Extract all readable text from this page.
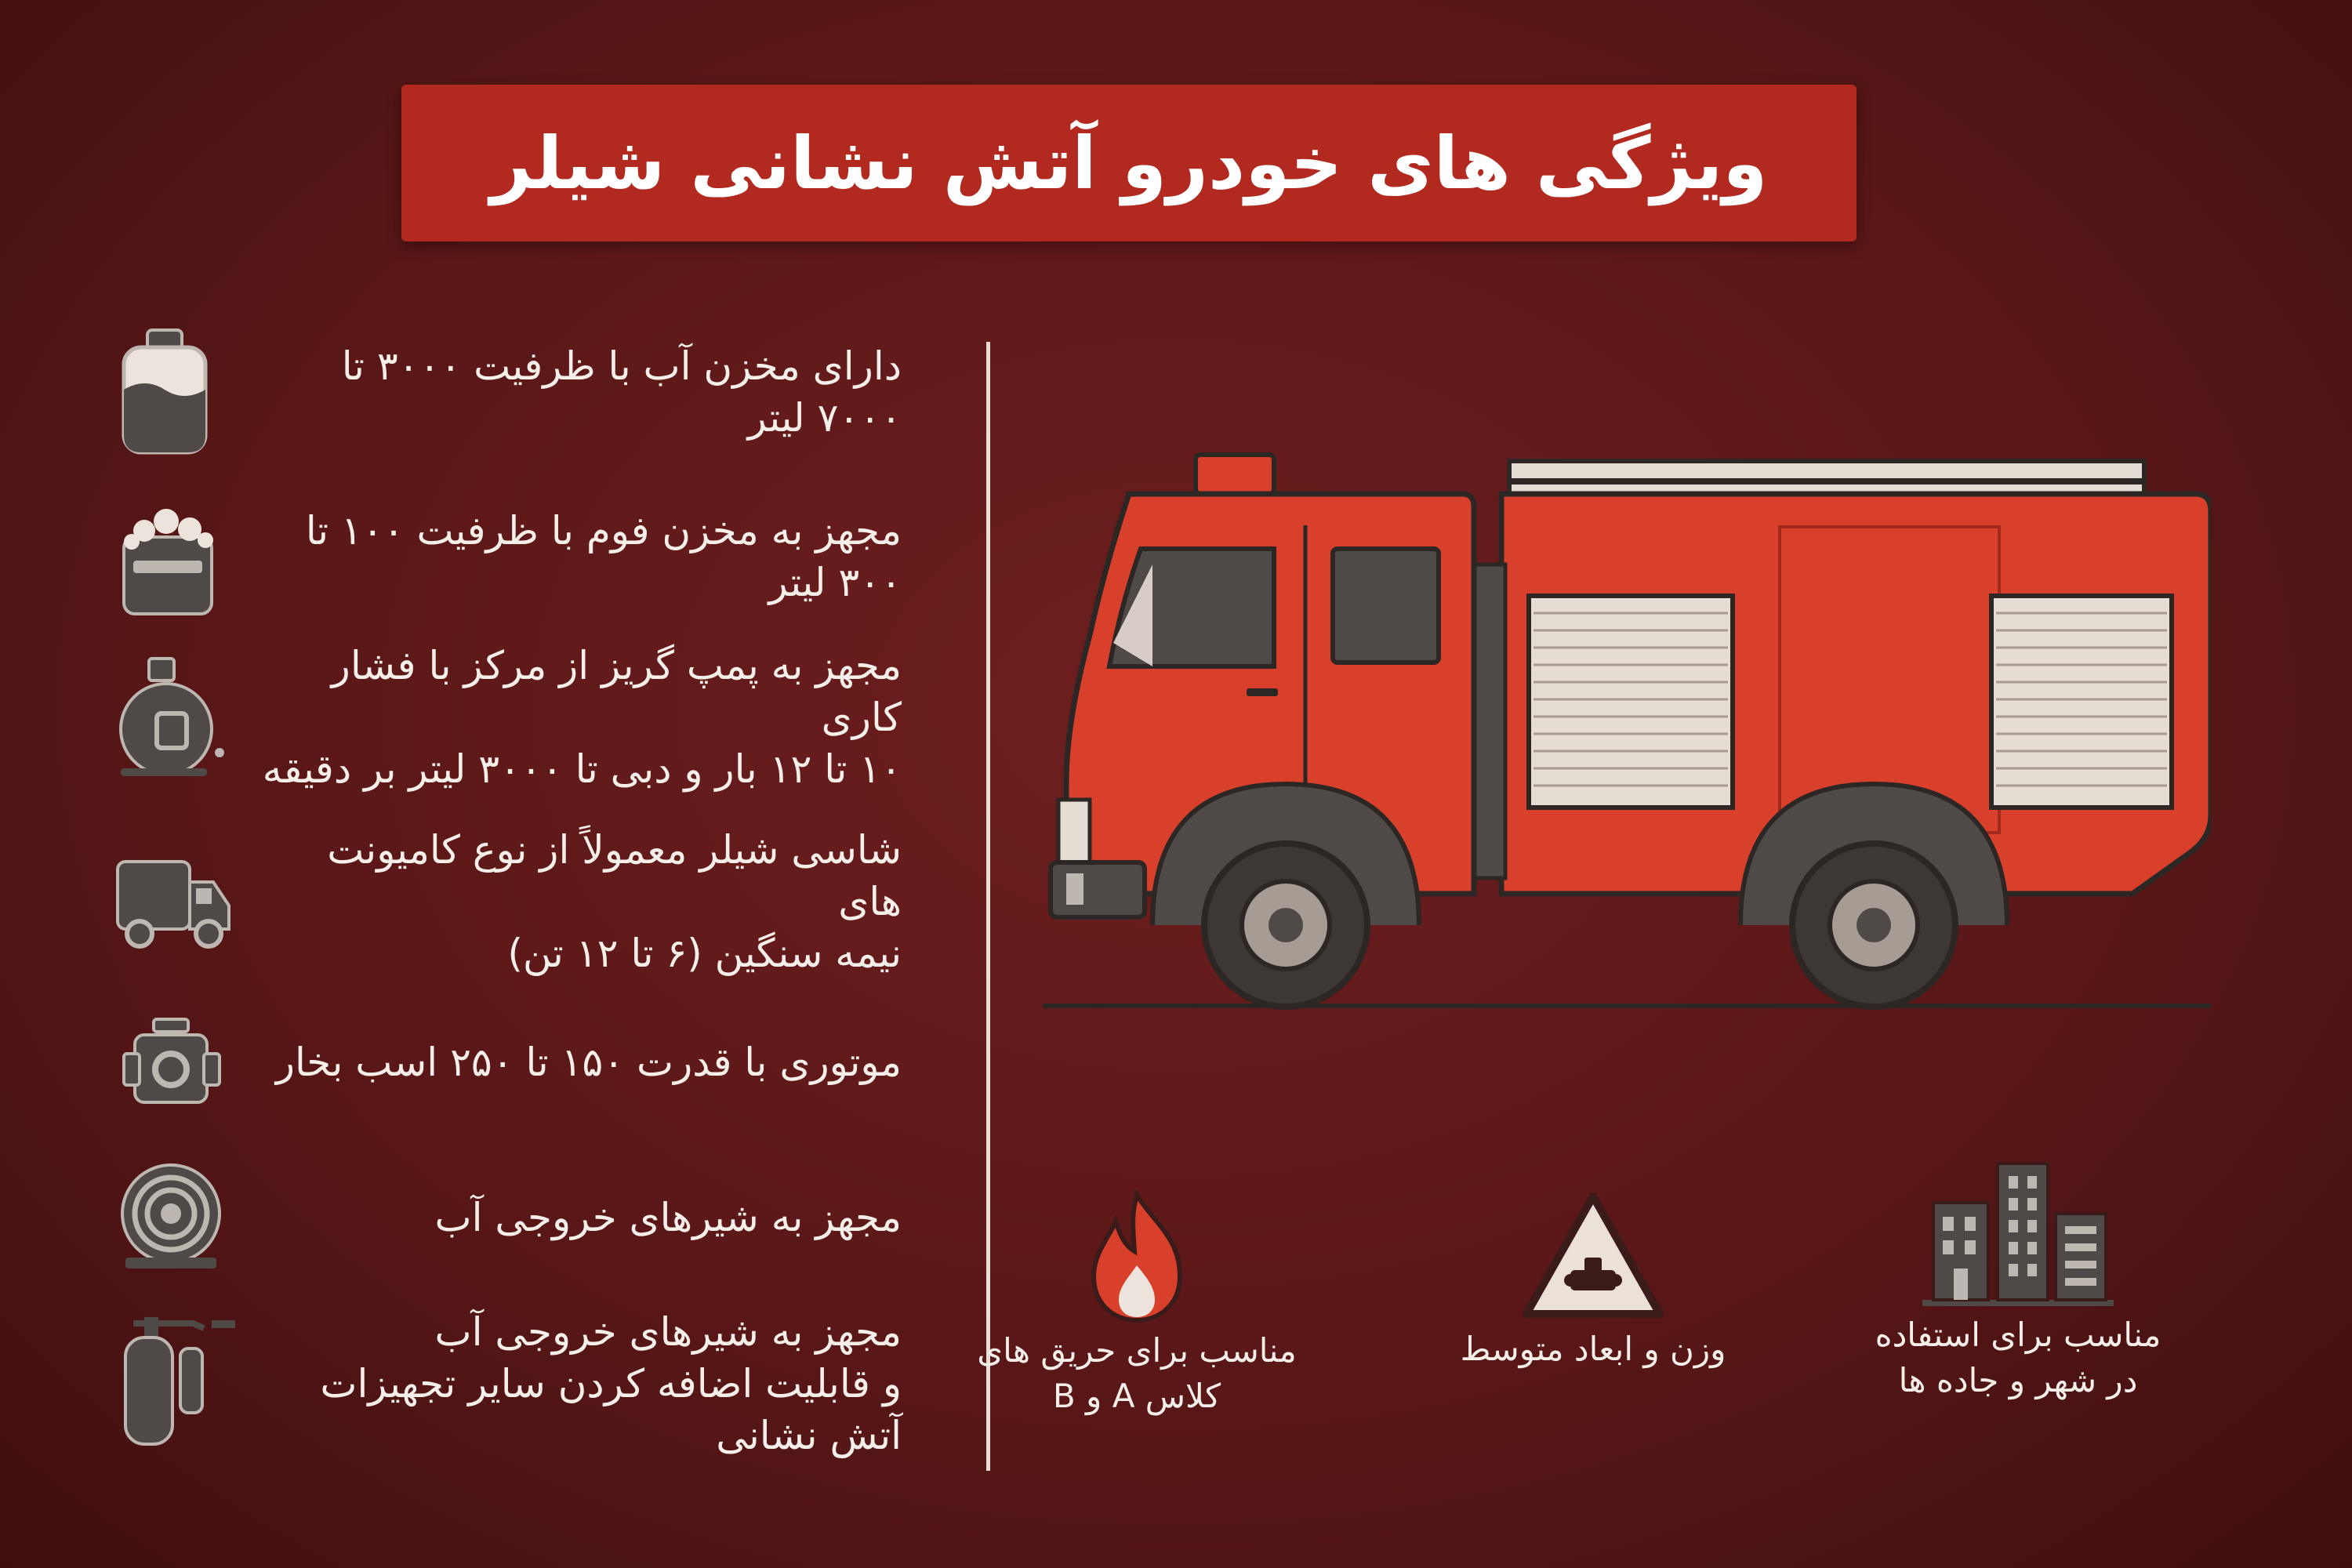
ویژگی های خودرو آتش نشانی شیلر
دارای مخزن آب با ظرفیت ۳۰۰۰ تا ۷۰۰۰ لیتر
مجهز به مخزن فوم با ظرفیت ۱۰۰ تا ۳۰۰ لیتر
مجهز به پمپ گریز از مرکز با فشار کاری
۱۰ تا ۱۲ بار و دبی تا ۳۰۰۰ لیتر بر دقیقه
شاسی شیلر معمولاً از نوع کامیونت های
نیمه سنگین (۶ تا ۱۲ تن)
موتوری با قدرت ۱۵۰ تا ۲۵۰ اسب بخار
مجهز به شیرهای خروجی آب
مجهز به شیرهای خروجی آب
و قابلیت اضافه کردن سایر تجهیزات آتش نشانی
مناسب برای حریق های
کلاس A و B
وزن و ابعاد متوسط	مناسب برای استفاده
در شهر و جاده ها
